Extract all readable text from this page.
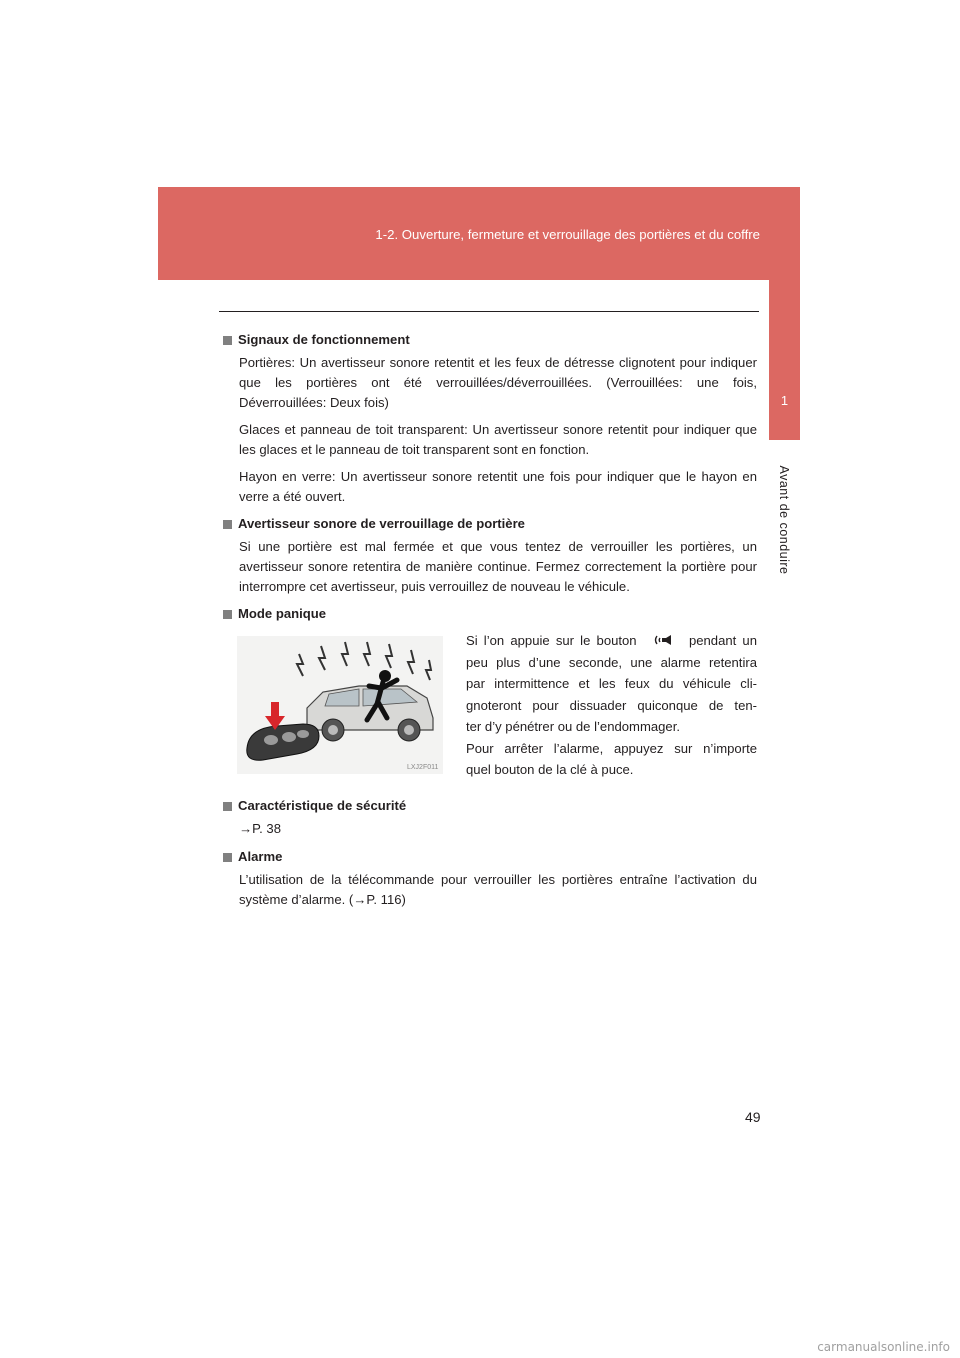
1-2. Ouverture, fermeture et verrouillage des portières et du coffre
1
Avant de conduire
Signaux de fonctionnement

Portières: Un avertisseur sonore retentit et les feux de détresse clignotent pour indiquer que les portières ont été verrouillées/déverrouillées. (Verrouillées: une fois, Déverrouillées: Deux fois)

Glaces et panneau de toit transparent: Un avertisseur sonore retentit pour indiquer que les glaces et le panneau de toit transparent sont en fonction.

Hayon en verre: Un avertisseur sonore retentit une fois pour indiquer que le hayon en verre a été ouvert.

Avertisseur sonore de verrouillage de portière

Si une portière est mal fermée et que vous tentez de verrouiller les portières, un avertisseur sonore retentira de manière continue. Fermez correctement la portière pour interrompre cet avertisseur, puis verrouillez de nouveau le véhicule.

Mode panique
LXJ2F011
Si l’on appuie sur le bouton	pendant un
peu plus d’une seconde, une alarme retentira
par intermittence et les feux du véhicule cli-
gnoteront pour dissuader quiconque de ten-
ter d’y pénétrer ou de l’endommager.
Pour arrêter l’alarme, appuyez sur n’importe
quel bouton de la clé à puce.
Caractéristique de sécurité

→P. 38

Alarme

L’utilisation de la télécommande pour verrouiller les portières entraîne l’activation du système d’alarme. (→P. 116)

49
carmanualsonline.info
